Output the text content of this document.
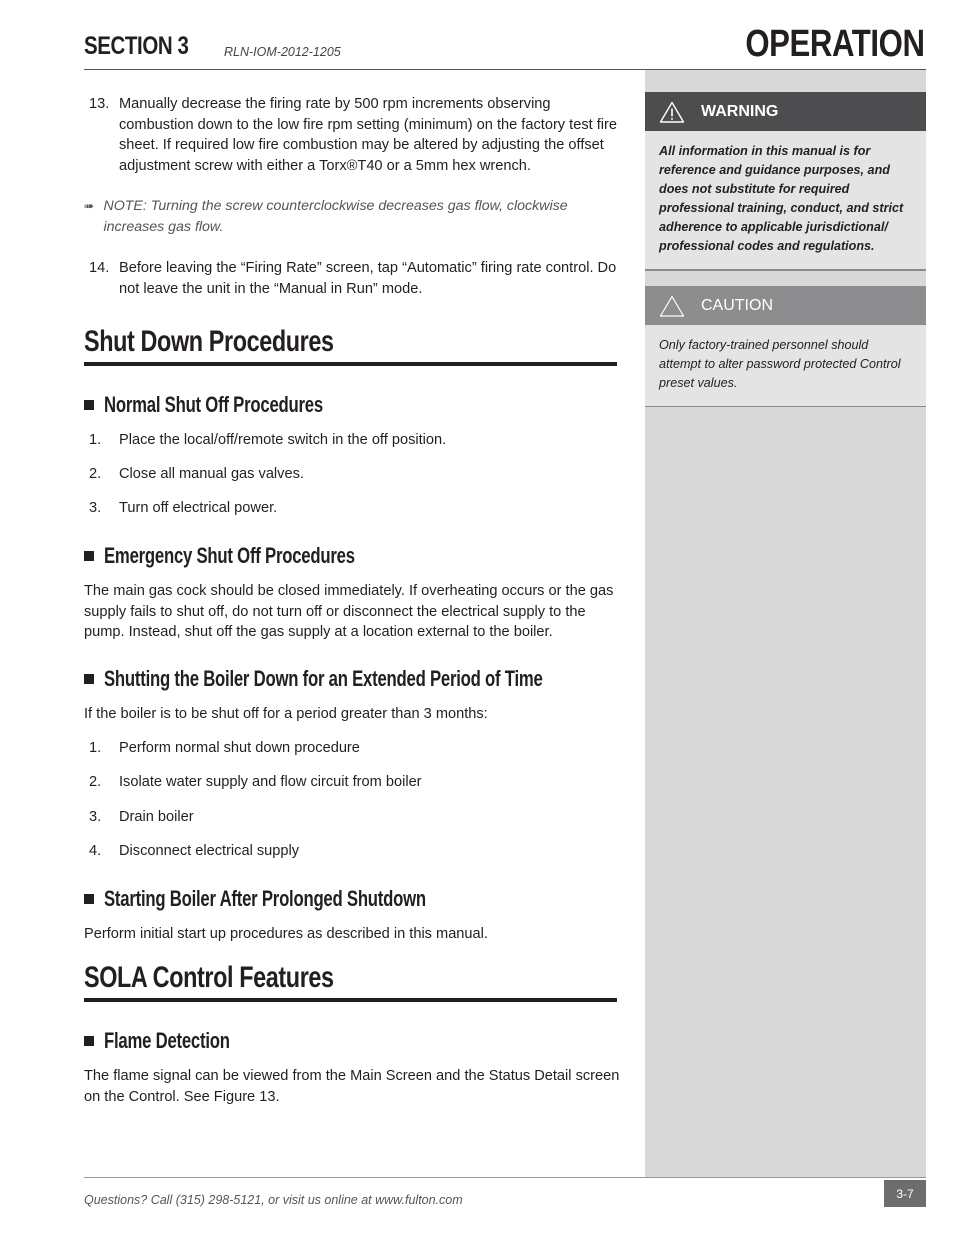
SECTION 3	RLN-IOM-2012-1205	OPERATION
WARNING
All information in this manual is for reference and guidance purposes, and does not substitute for required professional training, conduct, and strict adherence to applicable jurisdictional/ professional codes and regulations.
CAUTION
Only factory-trained personnel should attempt to alter password protected Control preset values.
13. Manually decrease the firing rate by 500 rpm increments observing combustion down to the low fire rpm setting (minimum) on the factory test fire sheet. If required low fire combustion may be altered by adjusting the offset adjustment screw with either a Torx®T40 or a 5mm hex wrench.
➠ NOTE: Turning the screw counterclockwise decreases gas flow, clockwise increases gas flow.
14. Before leaving the “Firing Rate” screen, tap “Automatic” firing rate control. Do not leave the unit in the “Manual in Run” mode.
Shut Down Procedures
Normal Shut Off Procedures
1.	Place the local/off/remote switch in the off position.
2.	Close all manual gas valves.
3.	Turn off electrical power.
Emergency Shut Off Procedures
The main gas cock should be closed immediately. If overheating occurs or the gas supply fails to shut off, do not turn off or disconnect the electrical supply to the pump. Instead, shut off the gas supply at a location external to the boiler.
Shutting the Boiler Down for an Extended Period of Time
If the boiler is to be shut off for a period greater than 3 months:
1.	Perform normal shut down procedure
2.	Isolate water supply and flow circuit from boiler
3.	Drain boiler
4.	Disconnect electrical supply
Starting Boiler After Prolonged Shutdown
Perform initial start up procedures as described in this manual.
SOLA Control Features
Flame Detection
The flame signal can be viewed from the Main Screen and the Status Detail screen on the Control. See Figure 13.
Questions? Call (315) 298-5121, or visit us online at www.fulton.com	3-7
